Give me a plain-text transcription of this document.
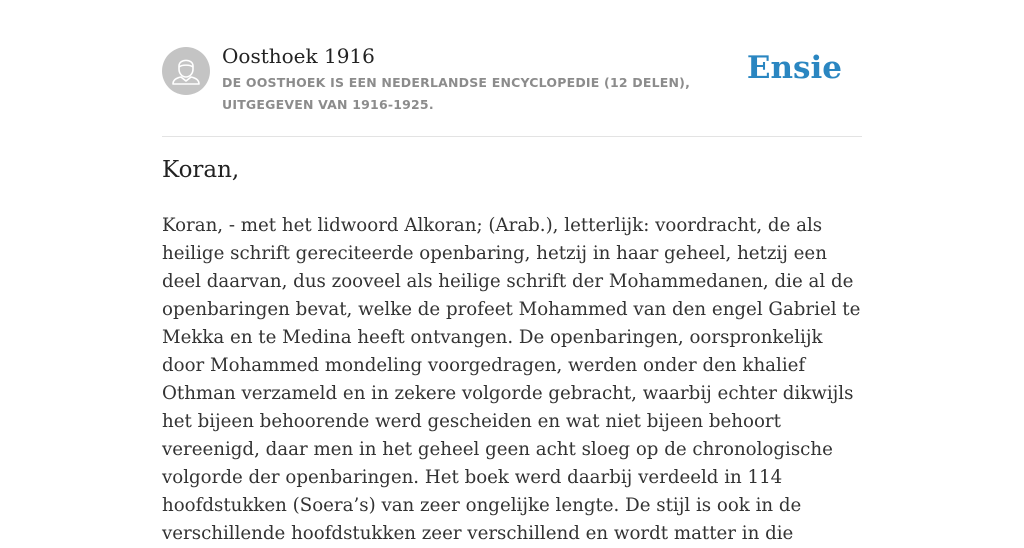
Oosthoek 1916
DE OOSTHOEK IS EEN NEDERLANDSE ENCYCLOPEDIE (12 DELEN), UITGEGEVEN VAN 1916-1925.
Ensie
Koran,

Koran, - met het lidwoord Alkoran; (Arab.), letterlijk: voordracht, de als heilige schrift gereciteerde openbaring, hetzij in haar geheel, hetzij een deel daarvan, dus zooveel als heilige schrift der Mohammedanen, die al de openbaringen bevat, welke de profeet Mohammed van den engel Gabriel te Mekka en te Medina heeft ontvangen. De openbaringen, oorspronkelijk door Mohammed mondeling voorgedragen, werden onder den khalief Othman verzameld en in zekere volgorde gebracht, waarbij echter dikwijls het bijeen behoorende werd gescheiden en wat niet bijeen behoort vereenigd, daar men in het geheel geen acht sloeg op de chronologische volgorde der openbaringen. Het boek werd daarbij verdeeld in 114 hoofdstukken (Soera’s) van zeer ongelijke lengte. De stijl is ook in de verschillende hoofdstukken zeer verschillend en wordt matter in die
